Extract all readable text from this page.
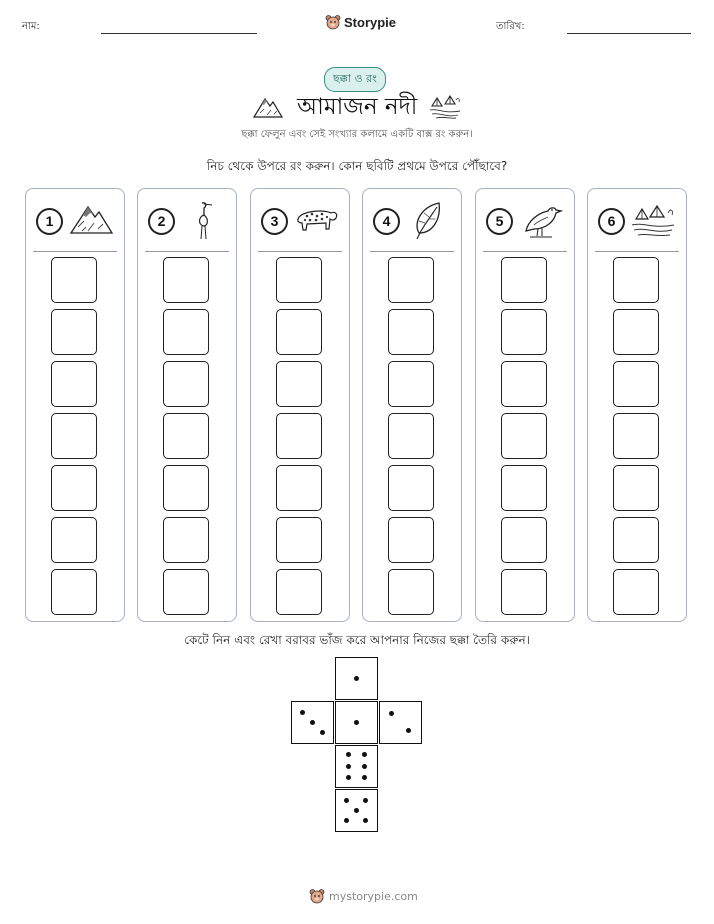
নাম:	Storypie	তারিখ:
ছক্কা ও রং
আমাজন নদী
ছক্কা ফেলুন এবং সেই সংখ্যার কলামে একটি বাক্স রং করুন।
নিচ থেকে উপরে রং করুন। কোন ছবিটি প্রথমে উপরে পৌঁছাবে?
1	2	3	4	5	6
কেটে নিন এবং রেখা বরাবর ভাঁজ করে আপনার নিজের ছক্কা তৈরি করুন।
mystorypie.com
